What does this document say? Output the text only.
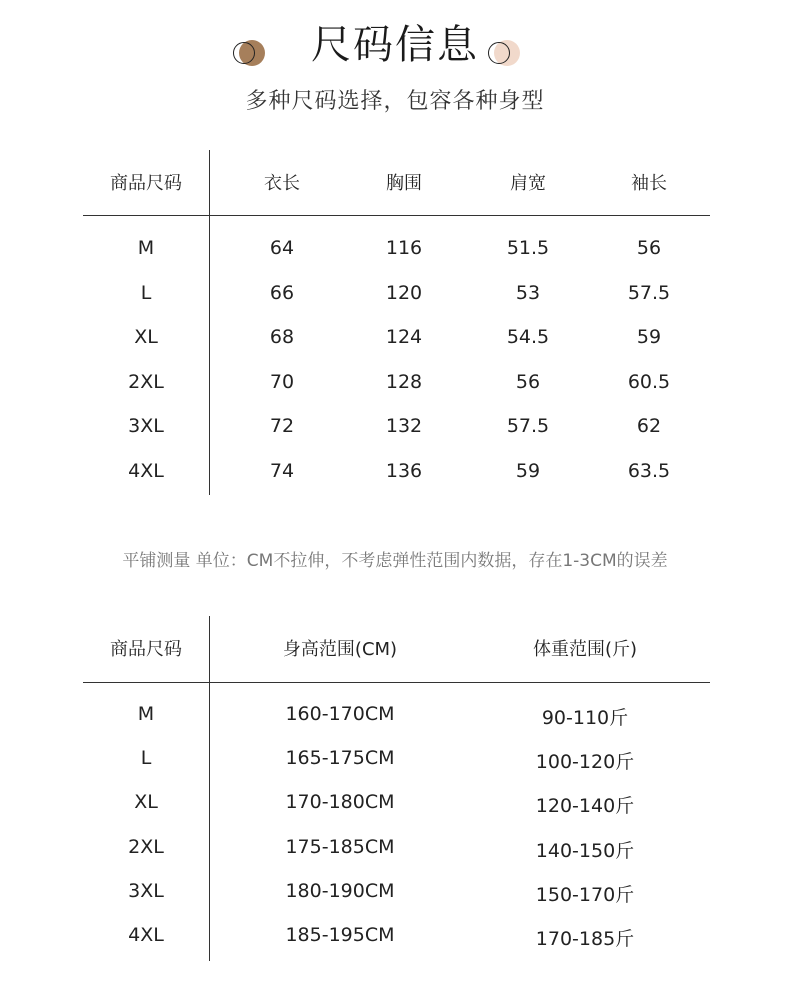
尺码信息
多种尺码选择，包容各种身型
商品尺码	衣长	胸围	肩宽	袖长
M	64	116	51.5	56
L	66	120	53	57.5
XL	68	124	54.5	59
2XL	70	128	56	60.5
3XL	72	132	57.5	62
4XL	74	136	59	63.5
平铺测量 单位：CM不拉伸，不考虑弹性范围内数据，存在1-3CM的误差
商品尺码	身高范围(CM)	体重范围(斤)
M	160-170CM	90-110斤
L	165-175CM	100-120斤
XL	170-180CM	120-140斤
2XL	175-185CM	140-150斤
3XL	180-190CM	150-170斤
4XL	185-195CM	170-185斤
